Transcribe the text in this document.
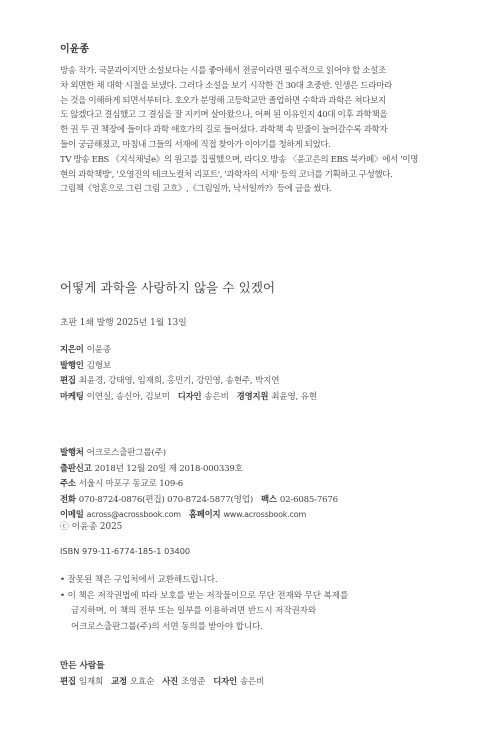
이윤종

방송 작가. 국문과이지만 소설보다는 시를 좋아해서 전공이라면 필수적으로 읽어야 할 소설조

차 외면한 채 대학 시절을 보냈다. 그러다 소설을 보기 시작한 건 30대 초중반. 인생은 드라마라

는 것을 이해하게 되면서부터다. 호오가 분명해 고등학교만 졸업하면 수학과 과학은 쳐다보지

도 않겠다고 결심했고 그 결심을 잘 지키며 살아왔으나, 어쩌 된 이유인지 40대 이후 과학책을

한 권 두 권 책장에 들이다 과학 애호가의 길로 들어섰다. 과학책 속 믿줄이 늘어갈수록 과학자

들이 궁금해졌고, 마침내 그들의 서재에 직접 찾아가 이야기를 청하게 되었다.

TV 방송 EBS 《지식채널e》의 원고를 집필했으며, 라디오 방송 〈윤고은의 EBS 북카페〉에서 '이명

현의 과학책방', '오영진의 테크노컬처 리포트', '과학자의 서재' 등의 코너를 기획하고 구성했다.

그림책《엉혼으로 그린 그림 고흐》,《그림일까, 낙서일까?》등에 글을 썼다.

어떻게 과학을 사랑하지 않을 수 있겠어
초판 1쇄 발행 2025년 1월 13일
지은이 이윤종
발행인 김형보
편집 최윤경, 강태영, 임재희, 홍민기, 강민영, 송현주, 박지연
마케팅 이연실, 송신아, 김보미 디자인 송은비 경영지원 최윤영, 유현
발행처 어크로스출판그룹(주)
출판신고 2018년 12월 20일 제 2018-000339호
주소 서울시 마포구 동교로 109-6
전화 070-8724-0876(편집) 070-8724-5877(영업) 팩스 02-6085-7676
이메일 across@acrossbook.com 홈페이지 www.acrossbook.com
ⓒ 이윤종 2025
ISBN 979-11-6774-185-1 03400
• 잘못된 책은 구입처에서 교환해드립니다.
• 이 책은 저작권법에 따라 보호를 받는 저작물이므로 무단 전재와 무단 복제를
금지하며, 이 책의 전부 또는 일부를 이용하려면 반드시 저작권자와
어크로스출판그룹(주)의 서면 동의를 받아야 합니다.
만든 사람들
편집 임재희 교정 오효순 사진 조영준 디자인 송은비
